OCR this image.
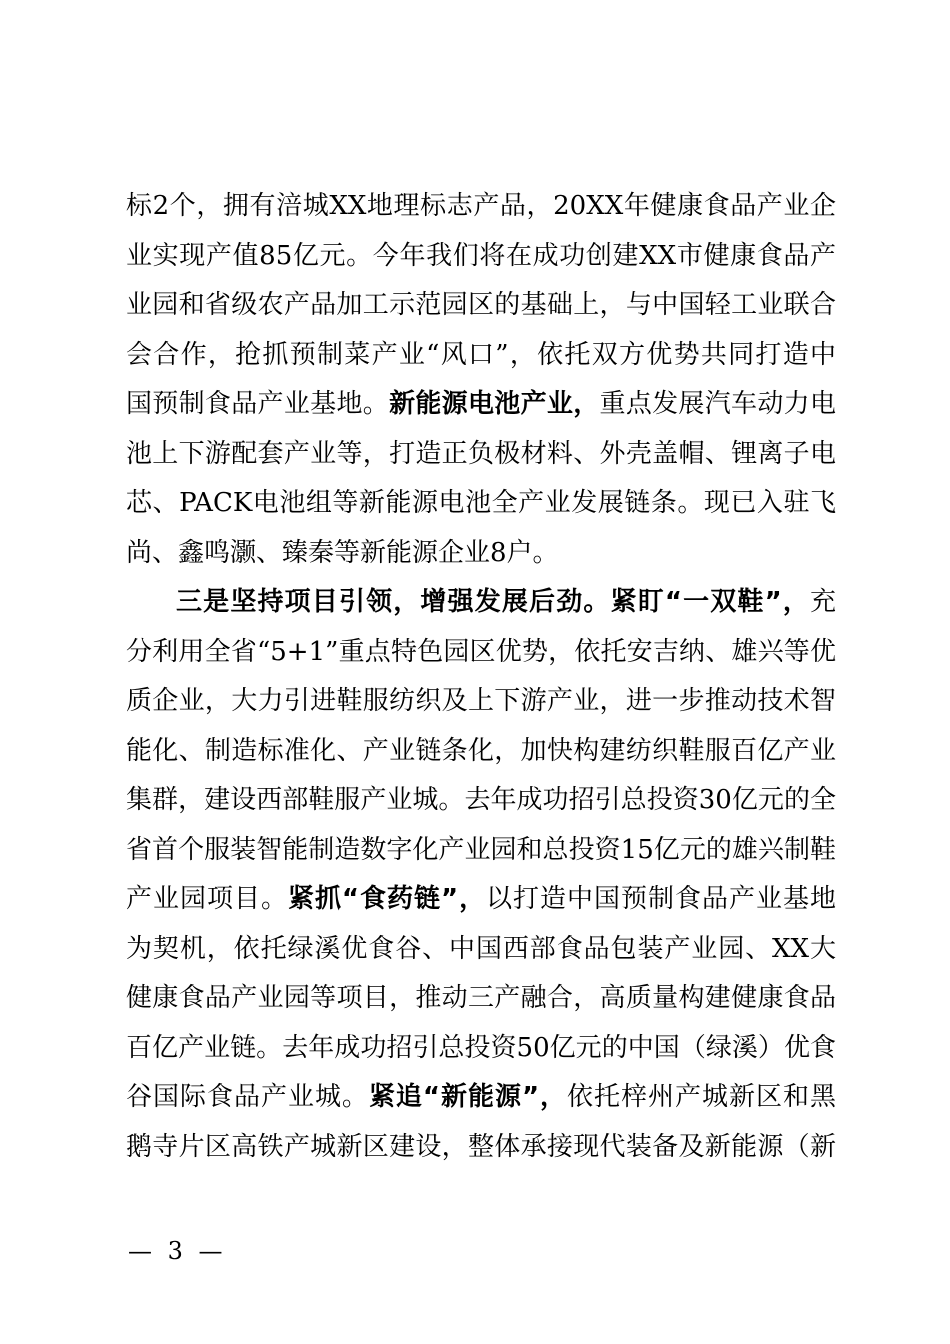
标2个，拥有涪城XX地理标志产品，20XX年健康食品产业企
业实现产值85亿元。今年我们将在成功创建XX市健康食品产
业园和省级农产品加工示范园区的基础上，与中国轻工业联合
会合作，抢抓预制菜产业“风口”，依托双方优势共同打造中
国预制食品产业基地。新能源电池产业，重点发展汽车动力电
池上下游配套产业等，打造正负极材料、外壳盖帽、锂离子电
芯、PACK电池组等新能源电池全产业发展链条。现已入驻飞
尚、鑫鸣灏、臻秦等新能源企业8户。
三是坚持项目引领，增强发展后劲。紧盯“一双鞋”，充
分利用全省“5+1”重点特色园区优势，依托安吉纳、雄兴等优
质企业，大力引进鞋服纺织及上下游产业，进一步推动技术智
能化、制造标准化、产业链条化，加快构建纺织鞋服百亿产业
集群，建设西部鞋服产业城。去年成功招引总投资30亿元的全
省首个服装智能制造数字化产业园和总投资15亿元的雄兴制鞋
产业园项目。紧抓“食药链”，以打造中国预制食品产业基地
为契机，依托绿溪优食谷、中国西部食品包装产业园、XX大
健康食品产业园等项目，推动三产融合，高质量构建健康食品
百亿产业链。去年成功招引总投资50亿元的中国（绿溪）优食
谷国际食品产业城。紧追“新能源”，依托梓州产城新区和黑
鹅寺片区高铁产城新区建设，整体承接现代装备及新能源（新
— 3 —
